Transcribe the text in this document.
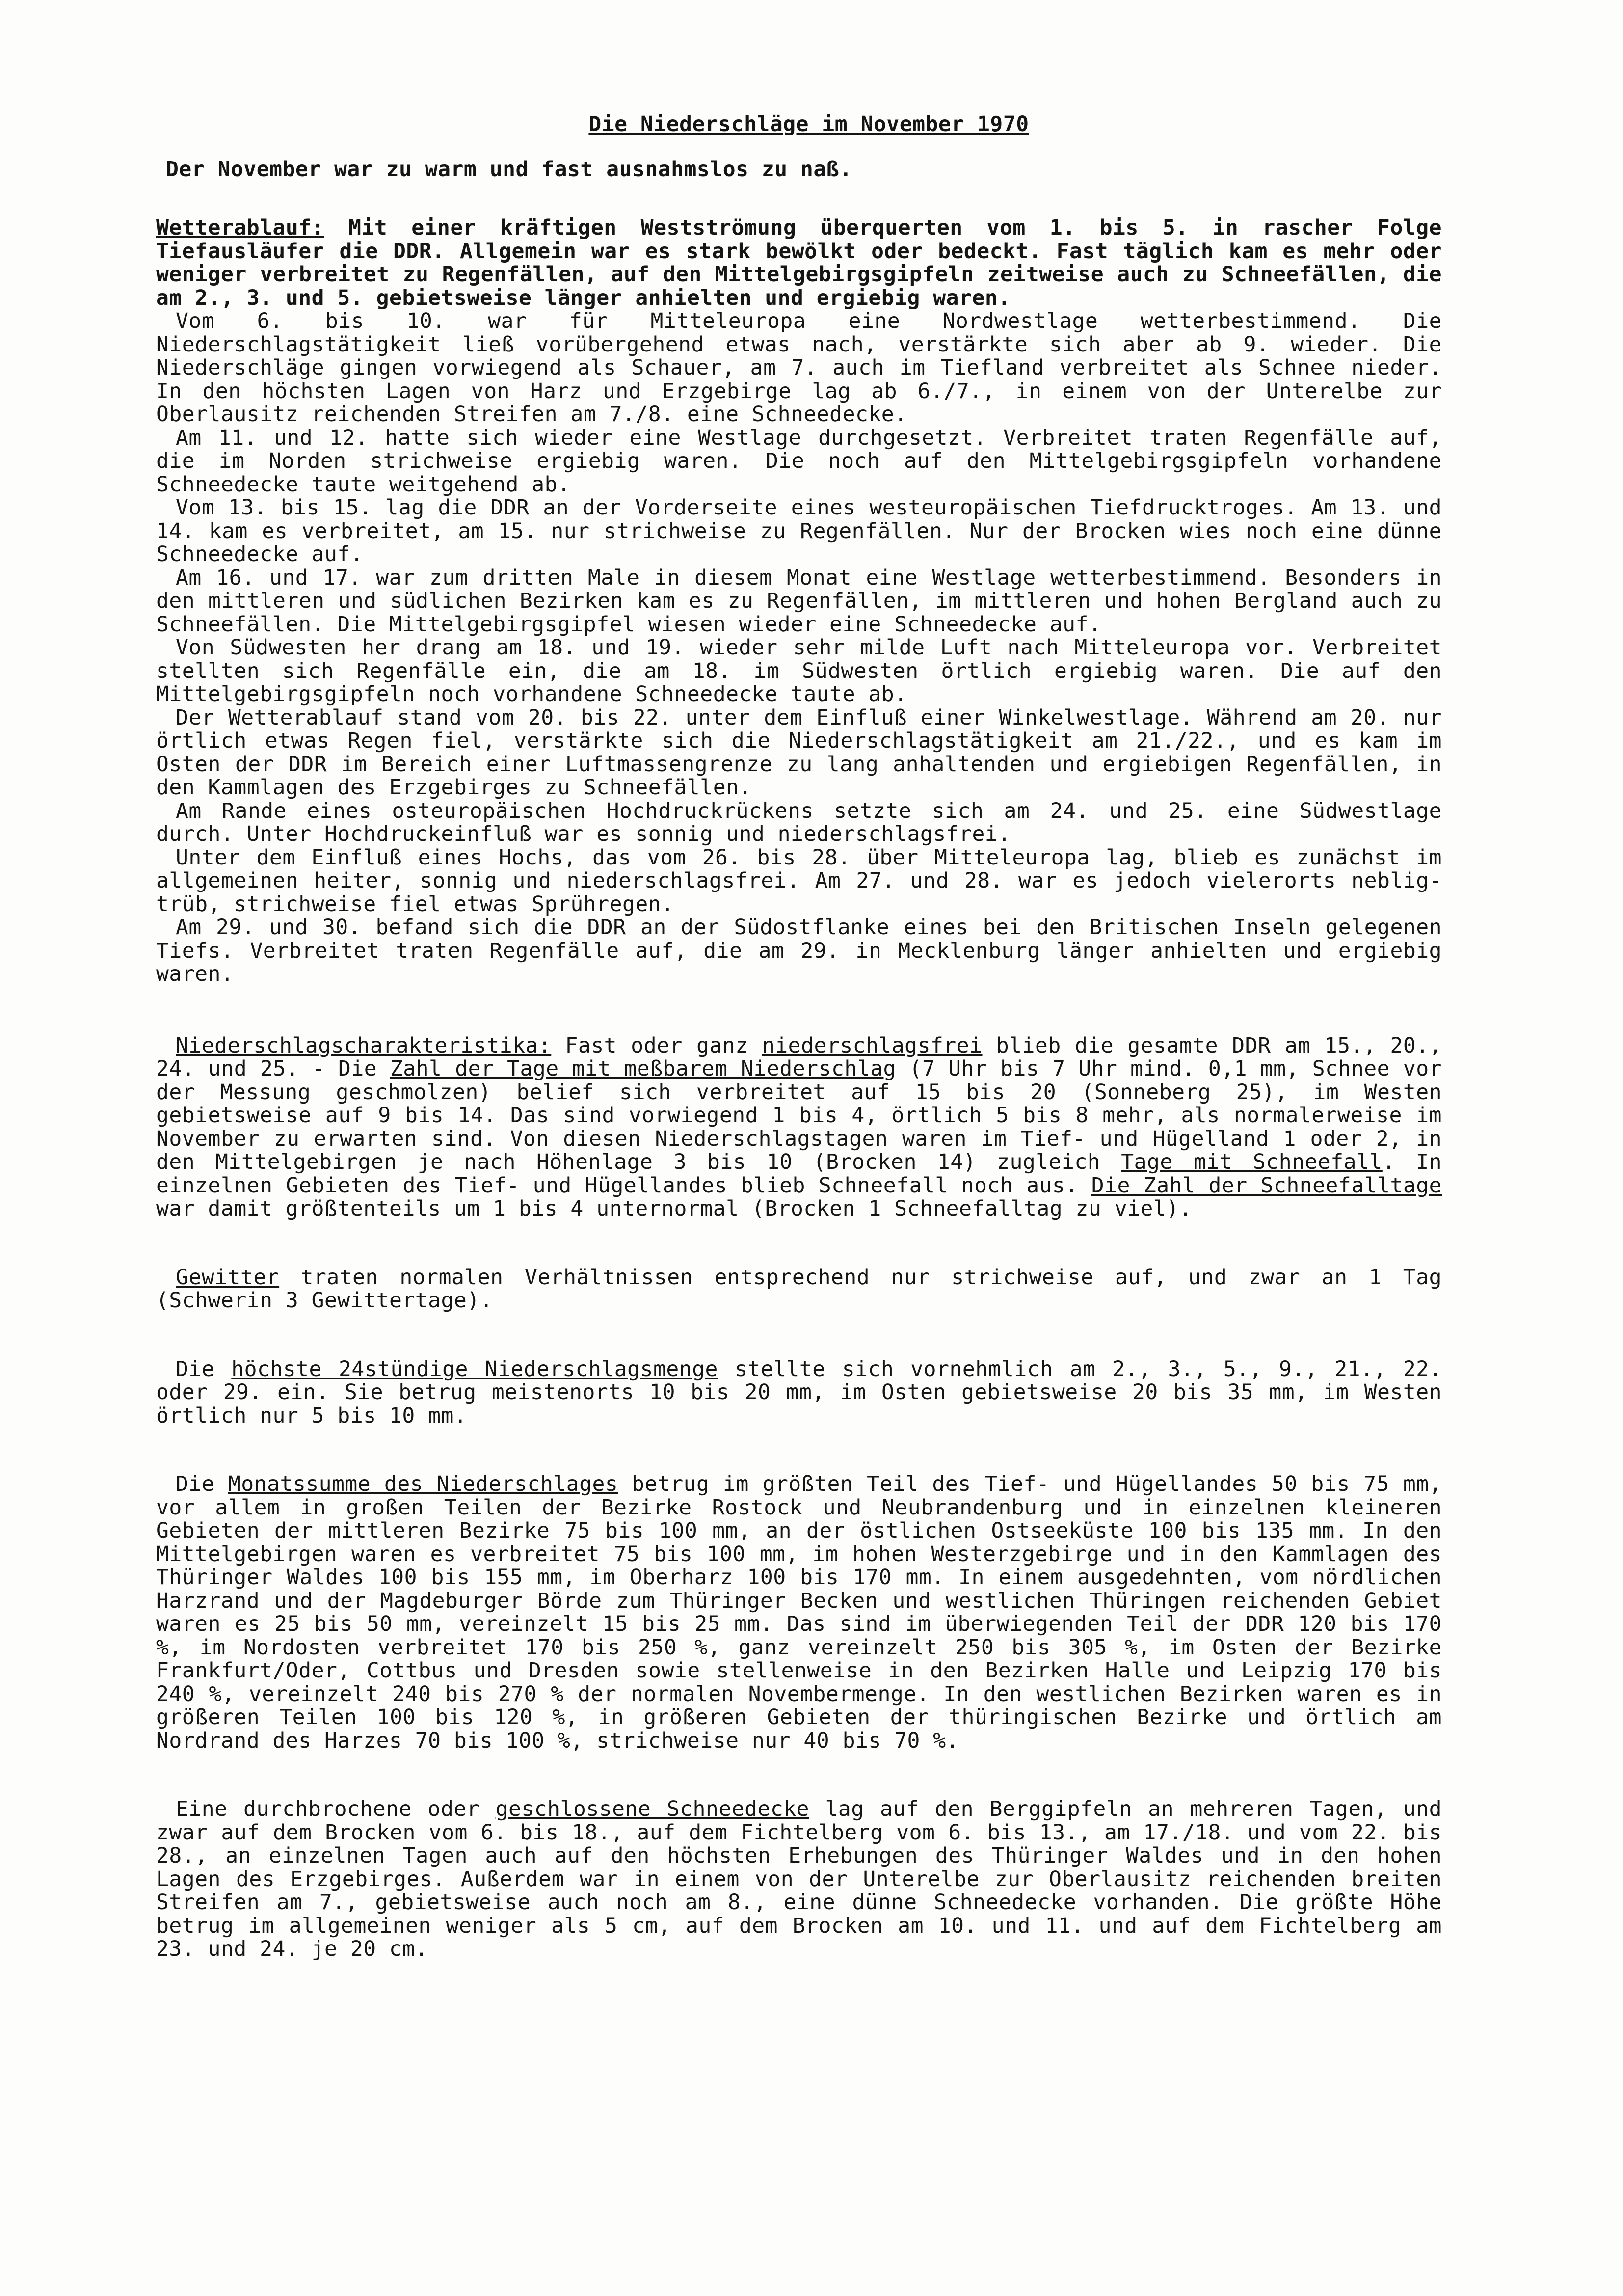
Die Niederschläge im November 1970
Der November war zu warm und fast ausnahmslos zu naß.

Wetterablauf: Mit einer kräftigen Westströmung überquerten vom 1. bis 5. in rascher Folge Tiefausläufer die DDR. Allgemein war es stark bewölkt oder bedeckt. Fast täglich kam es mehr oder weniger verbreitet zu Regenfällen, auf den Mittelgebirgsgipfeln zeitweise auch zu Schneefällen, die am 2., 3. und 5. gebietsweise länger anhielten und ergiebig waren.

Vom 6. bis 10. war für Mitteleuropa eine Nordwestlage wetterbestimmend. Die Niederschlagstätigkeit ließ vorübergehend etwas nach, verstärkte sich aber ab 9. wieder. Die Niederschläge gingen vorwiegend als Schauer, am 7. auch im Tiefland verbreitet als Schnee nieder. In den höchsten Lagen von Harz und Erzgebirge lag ab 6./7., in einem von der Unterelbe zur Oberlausitz reichenden Streifen am 7./8. eine Schneedecke.

Am 11. und 12. hatte sich wieder eine Westlage durchgesetzt. Verbreitet traten Regenfälle auf, die im Norden strichweise ergiebig waren. Die noch auf den Mittelgebirgsgipfeln vorhandene Schneedecke taute weitgehend ab.

Vom 13. bis 15. lag die DDR an der Vorderseite eines westeuropäischen Tiefdrucktroges. Am 13. und 14. kam es verbreitet, am 15. nur strichweise zu Regenfällen. Nur der Brocken wies noch eine dünne Schneedecke auf.

Am 16. und 17. war zum dritten Male in diesem Monat eine Westlage wetterbestimmend. Besonders in den mittleren und südlichen Bezirken kam es zu Regenfällen, im mittleren und hohen Bergland auch zu Schneefällen. Die Mittelgebirgsgipfel wiesen wieder eine Schneedecke auf.

Von Südwesten her drang am 18. und 19. wieder sehr milde Luft nach Mitteleuropa vor. Verbreitet stellten sich Regenfälle ein, die am 18. im Südwesten örtlich ergiebig waren. Die auf den Mittelgebirgsgipfeln noch vorhandene Schneedecke taute ab.

Der Wetterablauf stand vom 20. bis 22. unter dem Einfluß einer Winkelwestlage. Während am 20. nur örtlich etwas Regen fiel, verstärkte sich die Niederschlagstätigkeit am 21./22., und es kam im Osten der DDR im Bereich einer Luftmassengrenze zu lang anhaltenden und ergiebigen Regenfällen, in den Kammlagen des Erzgebirges zu Schneefällen.

Am Rande eines osteuropäischen Hochdruckrückens setzte sich am 24. und 25. eine Südwestlage durch. Unter Hochdruckeinfluß war es sonnig und niederschlagsfrei.

Unter dem Einfluß eines Hochs, das vom 26. bis 28. über Mitteleuropa lag, blieb es zunächst im allgemeinen heiter, sonnig und niederschlagsfrei. Am 27. und 28. war es jedoch vielerorts neblig-trüb, strichweise fiel etwas Sprühregen.

Am 29. und 30. befand sich die DDR an der Südostflanke eines bei den Britischen Inseln gelegenen Tiefs. Verbreitet traten Regenfälle auf, die am 29. in Mecklenburg länger anhielten und ergiebig waren.

Niederschlagscharakteristika: Fast oder ganz niederschlagsfrei blieb die gesamte DDR am 15., 20., 24. und 25. - Die Zahl der Tage mit meßbarem Niederschlag (7 Uhr bis 7 Uhr mind. 0,1 mm, Schnee vor der Messung geschmolzen) belief sich verbreitet auf 15 bis 20 (Sonneberg 25), im Westen gebietsweise auf 9 bis 14. Das sind vorwiegend 1 bis 4, örtlich 5 bis 8 mehr, als normalerweise im November zu erwarten sind. Von diesen Niederschlagstagen waren im Tief- und Hügelland 1 oder 2, in den Mittelgebirgen je nach Höhenlage 3 bis 10 (Brocken 14) zugleich Tage mit Schneefall. In einzelnen Gebieten des Tief- und Hügellandes blieb Schneefall noch aus. Die Zahl der Schneefalltage war damit größtenteils um 1 bis 4 unternormal (Brocken 1 Schneefalltag zu viel).

Gewitter traten normalen Verhältnissen entsprechend nur strichweise auf, und zwar an 1 Tag (Schwerin 3 Gewittertage).

Die höchste 24stündige Niederschlagsmenge stellte sich vornehmlich am 2., 3., 5., 9., 21., 22. oder 29. ein. Sie betrug meistenorts 10 bis 20 mm, im Osten gebietsweise 20 bis 35 mm, im Westen örtlich nur 5 bis 10 mm.

Die Monatssumme des Niederschlages betrug im größten Teil des Tief- und Hügellandes 50 bis 75 mm, vor allem in großen Teilen der Bezirke Rostock und Neubrandenburg und in einzelnen kleineren Gebieten der mittleren Bezirke 75 bis 100 mm, an der östlichen Ostseeküste 100 bis 135 mm. In den Mittelgebirgen waren es verbreitet 75 bis 100 mm, im hohen Westerzgebirge und in den Kammlagen des Thüringer Waldes 100 bis 155 mm, im Oberharz 100 bis 170 mm. In einem ausgedehnten, vom nördlichen Harzrand und der Magdeburger Börde zum Thüringer Becken und westlichen Thüringen reichenden Gebiet waren es 25 bis 50 mm, vereinzelt 15 bis 25 mm. Das sind im überwiegenden Teil der DDR 120 bis 170 %, im Nordosten verbreitet 170 bis 250 %, ganz vereinzelt 250 bis 305 %, im Osten der Bezirke Frankfurt/Oder, Cottbus und Dresden sowie stellenweise in den Bezirken Halle und Leipzig 170 bis 240 %, vereinzelt 240 bis 270 % der normalen Novembermenge. In den westlichen Bezirken waren es in größeren Teilen 100 bis 120 %, in größeren Gebieten der thüringischen Bezirke und örtlich am Nordrand des Harzes 70 bis 100 %, strichweise nur 40 bis 70 %.

Eine durchbrochene oder geschlossene Schneedecke lag auf den Berggipfeln an mehreren Tagen, und zwar auf dem Brocken vom 6. bis 18., auf dem Fichtelberg vom 6. bis 13., am 17./18. und vom 22. bis 28., an einzelnen Tagen auch auf den höchsten Erhebungen des Thüringer Waldes und in den hohen Lagen des Erzgebirges. Außerdem war in einem von der Unterelbe zur Oberlausitz reichenden breiten Streifen am 7., gebietsweise auch noch am 8., eine dünne Schneedecke vorhanden. Die größte Höhe betrug im allgemeinen weniger als 5 cm, auf dem Brocken am 10. und 11. und auf dem Fichtelberg am 23. und 24. je 20 cm.
